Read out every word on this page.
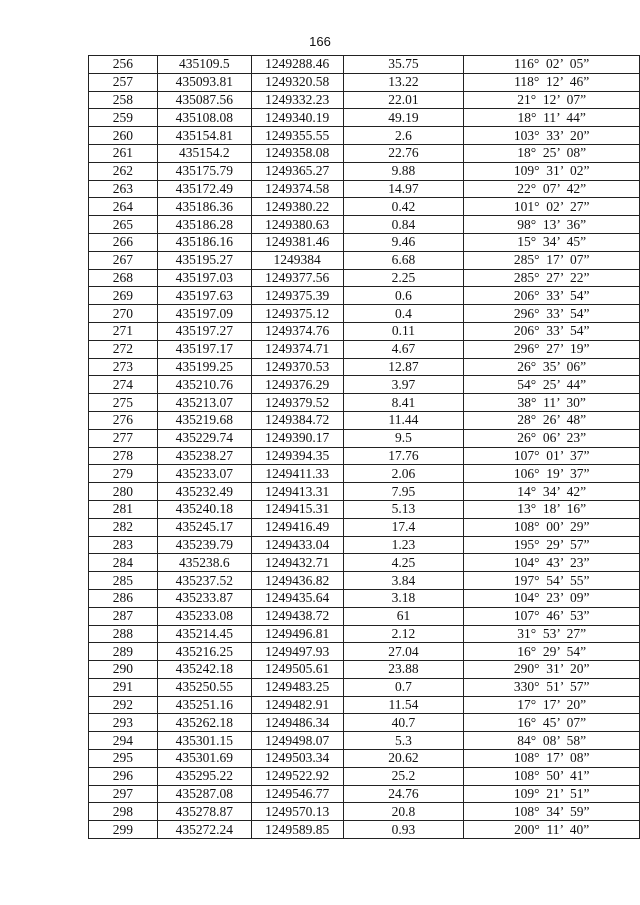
166
256	435109.5	1249288.46	35.75	116°  02’  05”
257	435093.81	1249320.58	13.22	118°  12’  46”
258	435087.56	1249332.23	22.01	21°  12’  07”
259	435108.08	1249340.19	49.19	18°  11’  44”
260	435154.81	1249355.55	2.6	103°  33’  20”
261	435154.2	1249358.08	22.76	18°  25’  08”
262	435175.79	1249365.27	9.88	109°  31’  02”
263	435172.49	1249374.58	14.97	22°  07’  42”
264	435186.36	1249380.22	0.42	101°  02’  27”
265	435186.28	1249380.63	0.84	98°  13’  36”
266	435186.16	1249381.46	9.46	15°  34’  45”
267	435195.27	1249384	6.68	285°  17’  07”
268	435197.03	1249377.56	2.25	285°  27’  22”
269	435197.63	1249375.39	0.6	206°  33’  54”
270	435197.09	1249375.12	0.4	296°  33’  54”
271	435197.27	1249374.76	0.11	206°  33’  54”
272	435197.17	1249374.71	4.67	296°  27’  19”
273	435199.25	1249370.53	12.87	26°  35’  06”
274	435210.76	1249376.29	3.97	54°  25’  44”
275	435213.07	1249379.52	8.41	38°  11’  30”
276	435219.68	1249384.72	11.44	28°  26’  48”
277	435229.74	1249390.17	9.5	26°  06’  23”
278	435238.27	1249394.35	17.76	107°  01’  37”
279	435233.07	1249411.33	2.06	106°  19’  37”
280	435232.49	1249413.31	7.95	14°  34’  42”
281	435240.18	1249415.31	5.13	13°  18’  16”
282	435245.17	1249416.49	17.4	108°  00’  29”
283	435239.79	1249433.04	1.23	195°  29’  57”
284	435238.6	1249432.71	4.25	104°  43’  23”
285	435237.52	1249436.82	3.84	197°  54’  55”
286	435233.87	1249435.64	3.18	104°  23’  09”
287	435233.08	1249438.72	61	107°  46’  53”
288	435214.45	1249496.81	2.12	31°  53’  27”
289	435216.25	1249497.93	27.04	16°  29’  54”
290	435242.18	1249505.61	23.88	290°  31’  20”
291	435250.55	1249483.25	0.7	330°  51’  57”
292	435251.16	1249482.91	11.54	17°  17’  20”
293	435262.18	1249486.34	40.7	16°  45’  07”
294	435301.15	1249498.07	5.3	84°  08’  58”
295	435301.69	1249503.34	20.62	108°  17’  08”
296	435295.22	1249522.92	25.2	108°  50’  41”
297	435287.08	1249546.77	24.76	109°  21’  51”
298	435278.87	1249570.13	20.8	108°  34’  59”
299	435272.24	1249589.85	0.93	200°  11’  40”
